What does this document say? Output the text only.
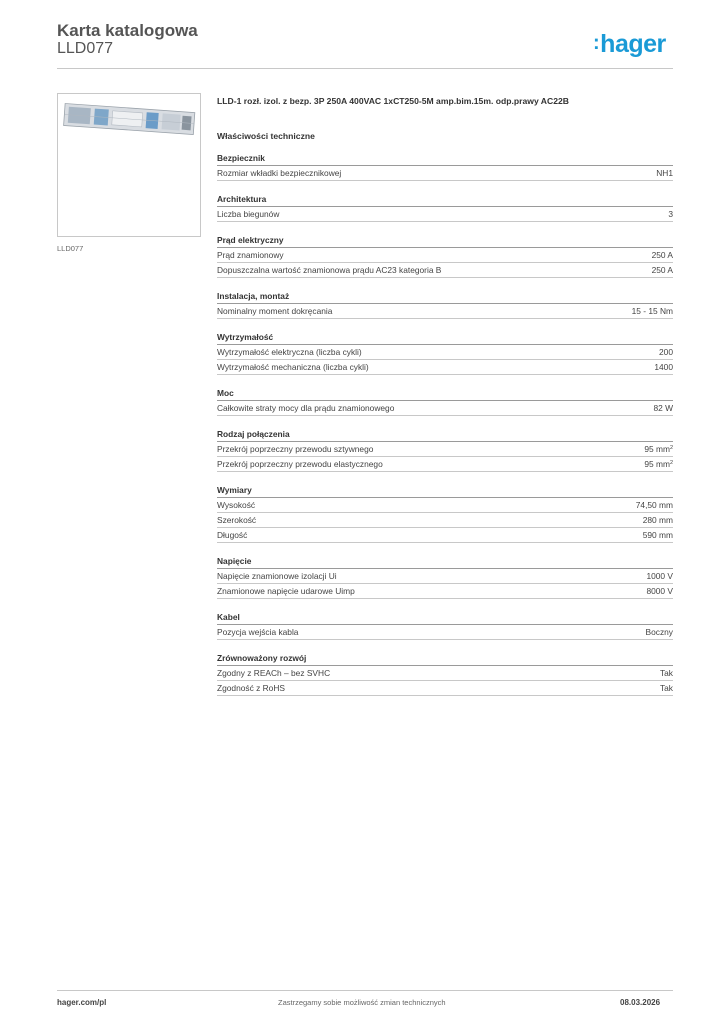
Karta katalogowa
LLD077	:hager
LLD077
LLD-1 rozł. izol. z bezp. 3P 250A 400VAC 1xCT250-5M amp.bim.15m. odp.prawy AC22B
Właściwości techniczne
Bezpiecznik
Rozmiar wkładki bezpiecznikowej	NH1
Architektura
Liczba biegunów	3
Prąd elektryczny
Prąd znamionowy	250 A
Dopuszczalna wartość znamionowa prądu AC23 kategoria B	250 A
Instalacja, montaż
Nominalny moment dokręcania	15 - 15 Nm
Wytrzymałość
Wytrzymałość elektryczna (liczba cykli)	200
Wytrzymałość mechaniczna (liczba cykli)	1400
Moc
Całkowite straty mocy dla prądu znamionowego	82 W
Rodzaj połączenia
Przekrój poprzeczny przewodu sztywnego	95 $mm^2$
Przekrój poprzeczny przewodu elastycznego	95 $mm^2$
Wymiary
Wysokość	74,50 mm
Szerokość	280 mm
Długość	590 mm
Napięcie
Napięcie znamionowe izolacji Ui	1000 V
Znamionowe napięcie udarowe Uimp	8000 V
Kabel
Pozycja wejścia kabla	Boczny
Zrównoważony rozwój
Zgodny z REACh – bez SVHC	Tak
Zgodność z RoHS	Tak
hager.com/pl	Zastrzegamy sobie możliwość zmian technicznych	08.03.2026
